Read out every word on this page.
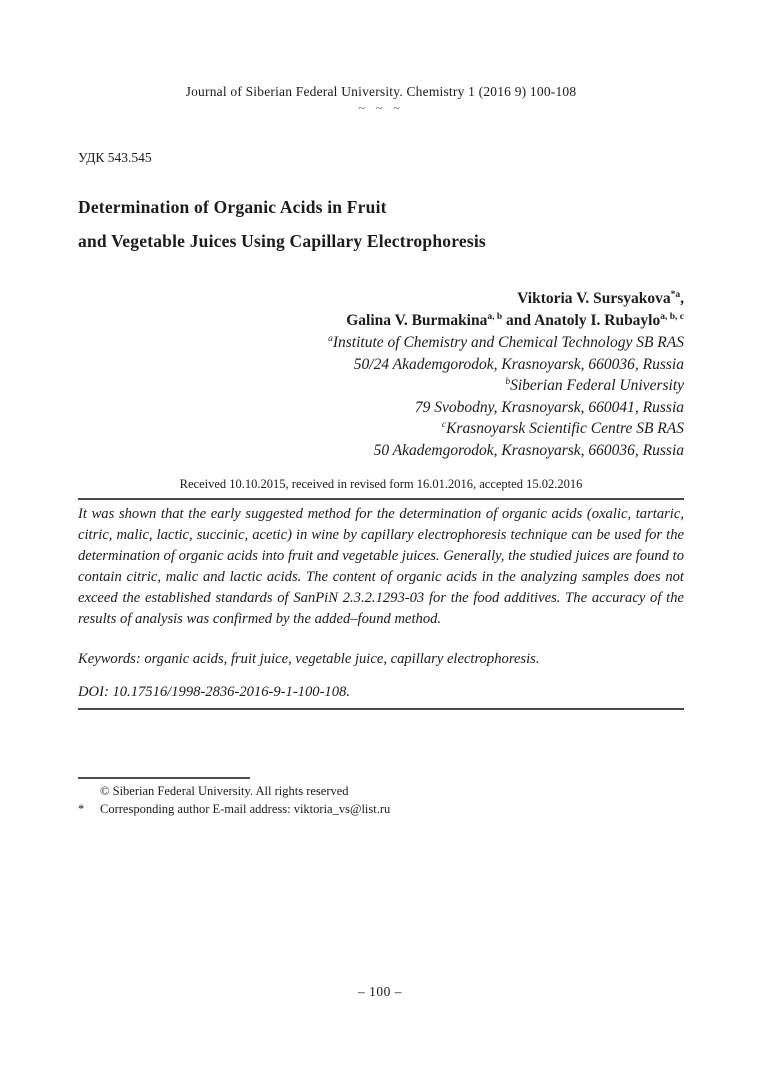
Journal of Siberian Federal University. Chemistry 1 (2016 9) 100-108
~ ~ ~
УДК 543.545
Determination of Organic Acids in Fruit
and Vegetable Juices Using Capillary Electrophoresis
Viktoria V. Sursyakova$^{*a}$,
Galina V. Burmakina$^{a, b}$ and Anatoly I. Rubaylo$^{a, b, c}$
$^a$Institute of Chemistry and Chemical Technology SB RAS
50/24 Akademgorodok, Krasnoyarsk, 660036, Russia
$^b$Siberian Federal University
79 Svobodny, Krasnoyarsk, 660041, Russia
$^c$Krasnoyarsk Scientific Centre SB RAS
50 Akademgorodok, Krasnoyarsk, 660036, Russia
Received 10.10.2015, received in revised form 16.01.2016, accepted 15.02.2016
It was shown that the early suggested method for the determination of organic acids (oxalic, tartaric, citric, malic, lactic, succinic, acetic) in wine by capillary electrophoresis technique can be used for the determination of organic acids into fruit and vegetable juices. Generally, the studied juices are found to contain citric, malic and lactic acids. The content of organic acids in the analyzing samples does not exceed the established standards of SanPiN 2.3.2.1293-03 for the food additives. The accuracy of the results of analysis was confirmed by the added–found method.
Keywords: organic acids, fruit juice, vegetable juice, capillary electrophoresis.
DOI: 10.17516/1998-2836-2016-9-1-100-108.
© Siberian Federal University. All rights reserved
*	Corresponding author E-mail address: viktoria_vs@list.ru
– 100 –
